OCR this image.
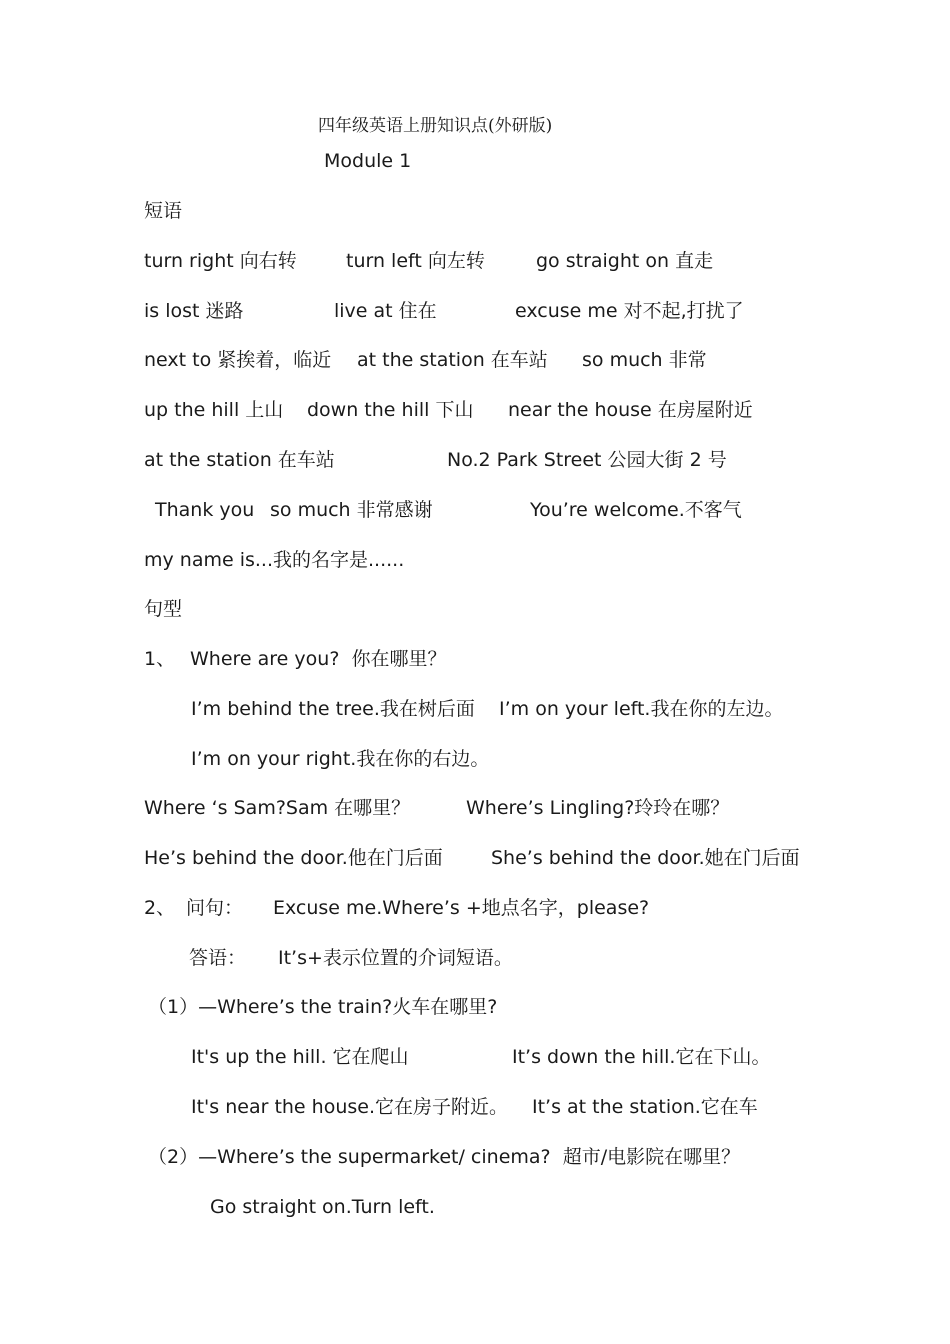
四年级英语上册知识点(外研版)
Module 1
短语
turn right 向右转	turn left 向左转	go straight on 直走
is lost 迷路	live at 住在	excuse me 对不起,打扰了
next to 紧挨着，临近 at the station 在车站 so much 非常
up the hill 上山 down the hill 下山 near the house 在房屋附近
at the station 在车站	No.2 Park Street 公园大街 2 号
Thank you so much 非常感谢	You’re welcome.不客气
my name is...我的名字是......
句型
1、 Where are you?  你在哪里？
I’m behind the tree.我在树后面 I’m on your left.我在你的左边。
I’m on your right.我在你的右边。
Where ‘s Sam?Sam 在哪里？	Where’s Lingling?玲玲在哪？
He’s behind the door.他在门后面	She’s behind the door.她在门后面
2、 问句： Excuse me.Where’s +地点名字，please?
答语： It’s+表示位置的介词短语。
（1）—Where’s the train?火车在哪里?
It's up the hill. 它在爬山	It’s down the hill.它在下山。
It's near the house.它在房子附近。 It’s at the station.它在车
（2）—Where’s the supermarket/ cinema?  超市/电影院在哪里？
Go straight on.Turn left.
